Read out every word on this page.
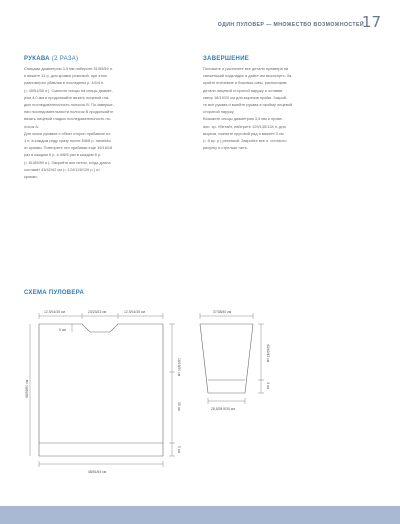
ОДИН ПУЛОВЕР — МНОЖЕСТВО ВОЗМОЖНОСТЕЙ
17
РУКАВА (2 РАЗА)
Спицами диаметром 3,5 мм наберите 51/55/59 п.
и вяжите 14 р. для кромки резинкой, при этом
равномерно убавляя в последнем р. 4/4/4 п.
(= 49/51/55 п.). Смените спицы на спицы диамет-
ром 4,0 мм и продолжайте вязать лицевой гла-
дью последовательность полосок В. По заверше-
нии последовательности полосок В продолжайте
вязать лицевой гладью последовательность по-
лосок А.
Для скоса рукавов с обеих сторон прибавьте по
1 п. в каждом ряду сразу после 6/8/8 р. начиная
от кромки. Повторите эти прибавки еще 15/16/18
раз в каждом 6 р. и 4/6/6 раз в каждом 8 р.
(= 81/85/89 п.). Закройте все петли, когда длина
составит 43/42/42 см (= 124/126/126 р.) от
кромки.
ЗАВЕРШЕНИЕ
Положите и растяните все детали пуловера на
свеженький подкладке и дайте им высохнуть. За-
кройте плечевые и боковые швы, расположив
детали лицевой стороной наружу и оставив
свеху 18/19/20 см для вырезов пройм. Закрой-
те все рукава и вшейте рукава в пройму лицевой
стороной наружу.
Возьмите спицы диаметром 3,5 мм и прове-
яон. ср. Убетайт, наберите 129/130/134 п. для
выреза, смените круговой ряд и вяжите 3 см
(= 8 кр. р.) резинкой. Закройте все п. согласно
рисунку и стрельке нить.
СХЕМА ПУЛОВЕРА
12,5/14/15 см	23/23/23 см	12,5/14/15 см
5 см
58/59/60 см
18/19/20 см
35 см
5 см
48/51/54 см
37/38/40 см
43/42/42 см
4 см
28,5/28,5/30 см
